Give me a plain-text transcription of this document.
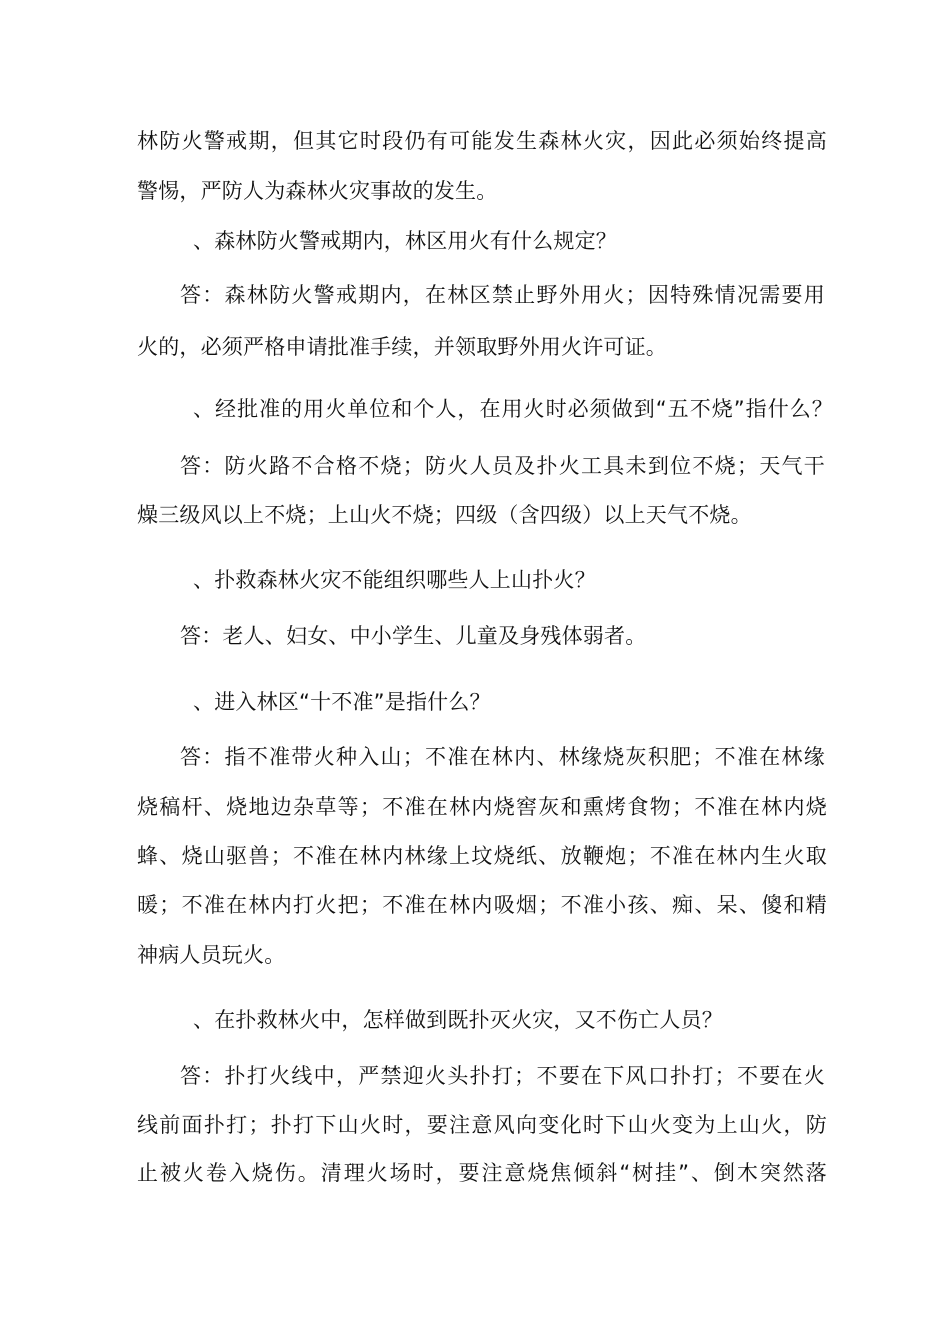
林防火警戒期，但其它时段仍有可能发生森林火灾，因此必须始终提高
警惕，严防人为森林火灾事故的发生。
、森林防火警戒期内，林区用火有什么规定？
答：森林防火警戒期内，在林区禁止野外用火；因特殊情况需要用
火的，必须严格申请批准手续，并领取野外用火许可证。
、经批准的用火单位和个人，在用火时必须做到“五不烧”指什么？
答：防火路不合格不烧；防火人员及扑火工具未到位不烧；天气干
燥三级风以上不烧；上山火不烧；四级（含四级）以上天气不烧。
、扑救森林火灾不能组织哪些人上山扑火？
答：老人、妇女、中小学生、儿童及身残体弱者。
、进入林区“十不准”是指什么？
答：指不准带火种入山；不准在林内、林缘烧灰积肥；不准在林缘
烧稿杆、烧地边杂草等；不准在林内烧窖灰和熏烤食物；不准在林内烧
蜂、烧山驱兽；不准在林内林缘上坟烧纸、放鞭炮；不准在林内生火取
暖；不准在林内打火把；不准在林内吸烟；不准小孩、痴、呆、傻和精
神病人员玩火。
、在扑救林火中，怎样做到既扑灭火灾，又不伤亡人员？
答：扑打火线中，严禁迎火头扑打；不要在下风口扑打；不要在火
线前面扑打；扑打下山火时，要注意风向变化时下山火变为上山火，防
止被火卷入烧伤。清理火场时，要注意烧焦倾斜“树挂”、倒木突然落
